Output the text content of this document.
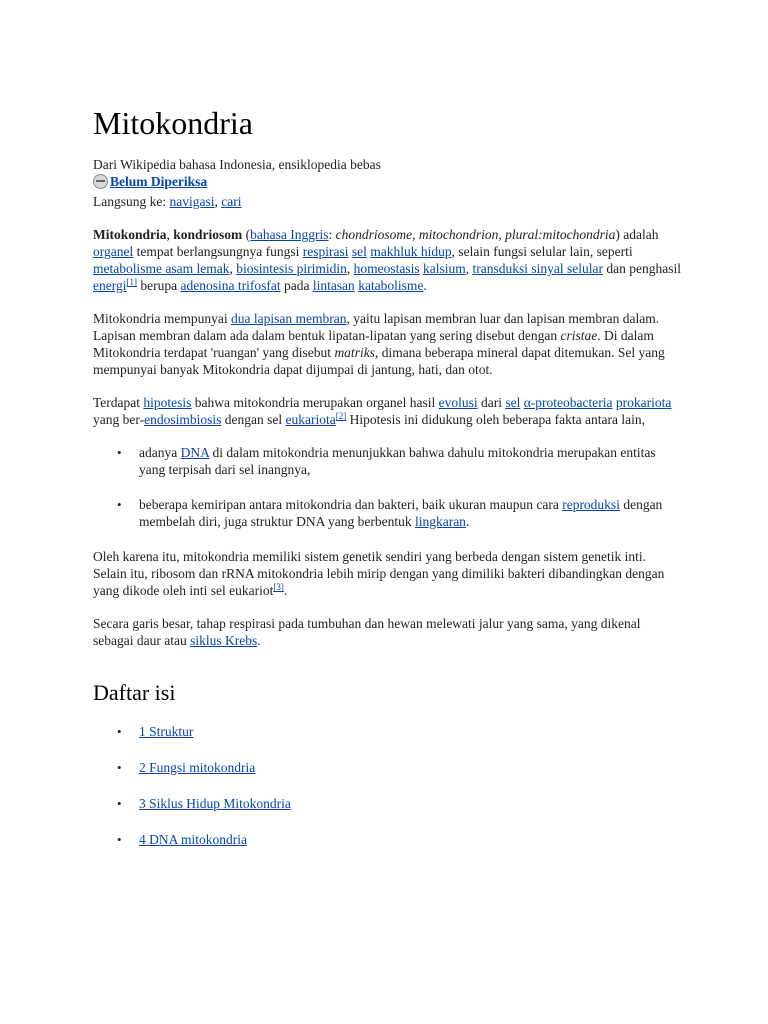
Mitokondria

Dari Wikipedia bahasa Indonesia, ensiklopedia bebas

Belum Diperiksa

Langsung ke: navigasi, cari

Mitokondria, kondriosom (bahasa Inggris: chondriosome, mitochondrion, plural:mitochondria) adalah organel tempat berlangsungnya fungsi respirasi sel makhluk hidup, selain fungsi selular lain, seperti metabolisme asam lemak, biosintesis pirimidin, homeostasis kalsium, transduksi sinyal selular dan penghasil energi[1] berupa adenosina trifosfat pada lintasan katabolisme.

Mitokondria mempunyai dua lapisan membran, yaitu lapisan membran luar dan lapisan membran dalam. Lapisan membran dalam ada dalam bentuk lipatan-lipatan yang sering disebut dengan cristae. Di dalam Mitokondria terdapat 'ruangan' yang disebut matriks, dimana beberapa mineral dapat ditemukan. Sel yang mempunyai banyak Mitokondria dapat dijumpai di jantung, hati, dan otot.

Terdapat hipotesis bahwa mitokondria merupakan organel hasil evolusi dari sel α-proteobacteria prokariota yang ber-endosimbiosis dengan sel eukariota[2] Hipotesis ini didukung oleh beberapa fakta antara lain,

• adanya DNA di dalam mitokondria menunjukkan bahwa dahulu mitokondria merupakan entitas yang terpisah dari sel inangnya,
• beberapa kemiripan antara mitokondria dan bakteri, baik ukuran maupun cara reproduksi dengan membelah diri, juga struktur DNA yang berbentuk lingkaran.

Oleh karena itu, mitokondria memiliki sistem genetik sendiri yang berbeda dengan sistem genetik inti. Selain itu, ribosom dan rRNA mitokondria lebih mirip dengan yang dimiliki bakteri dibandingkan dengan yang dikode oleh inti sel eukariot[3].

Secara garis besar, tahap respirasi pada tumbuhan dan hewan melewati jalur yang sama, yang dikenal sebagai daur atau siklus Krebs.

Daftar isi
• 1 Struktur
• 2 Fungsi mitokondria
• 3 Siklus Hidup Mitokondria
• 4 DNA mitokondria
